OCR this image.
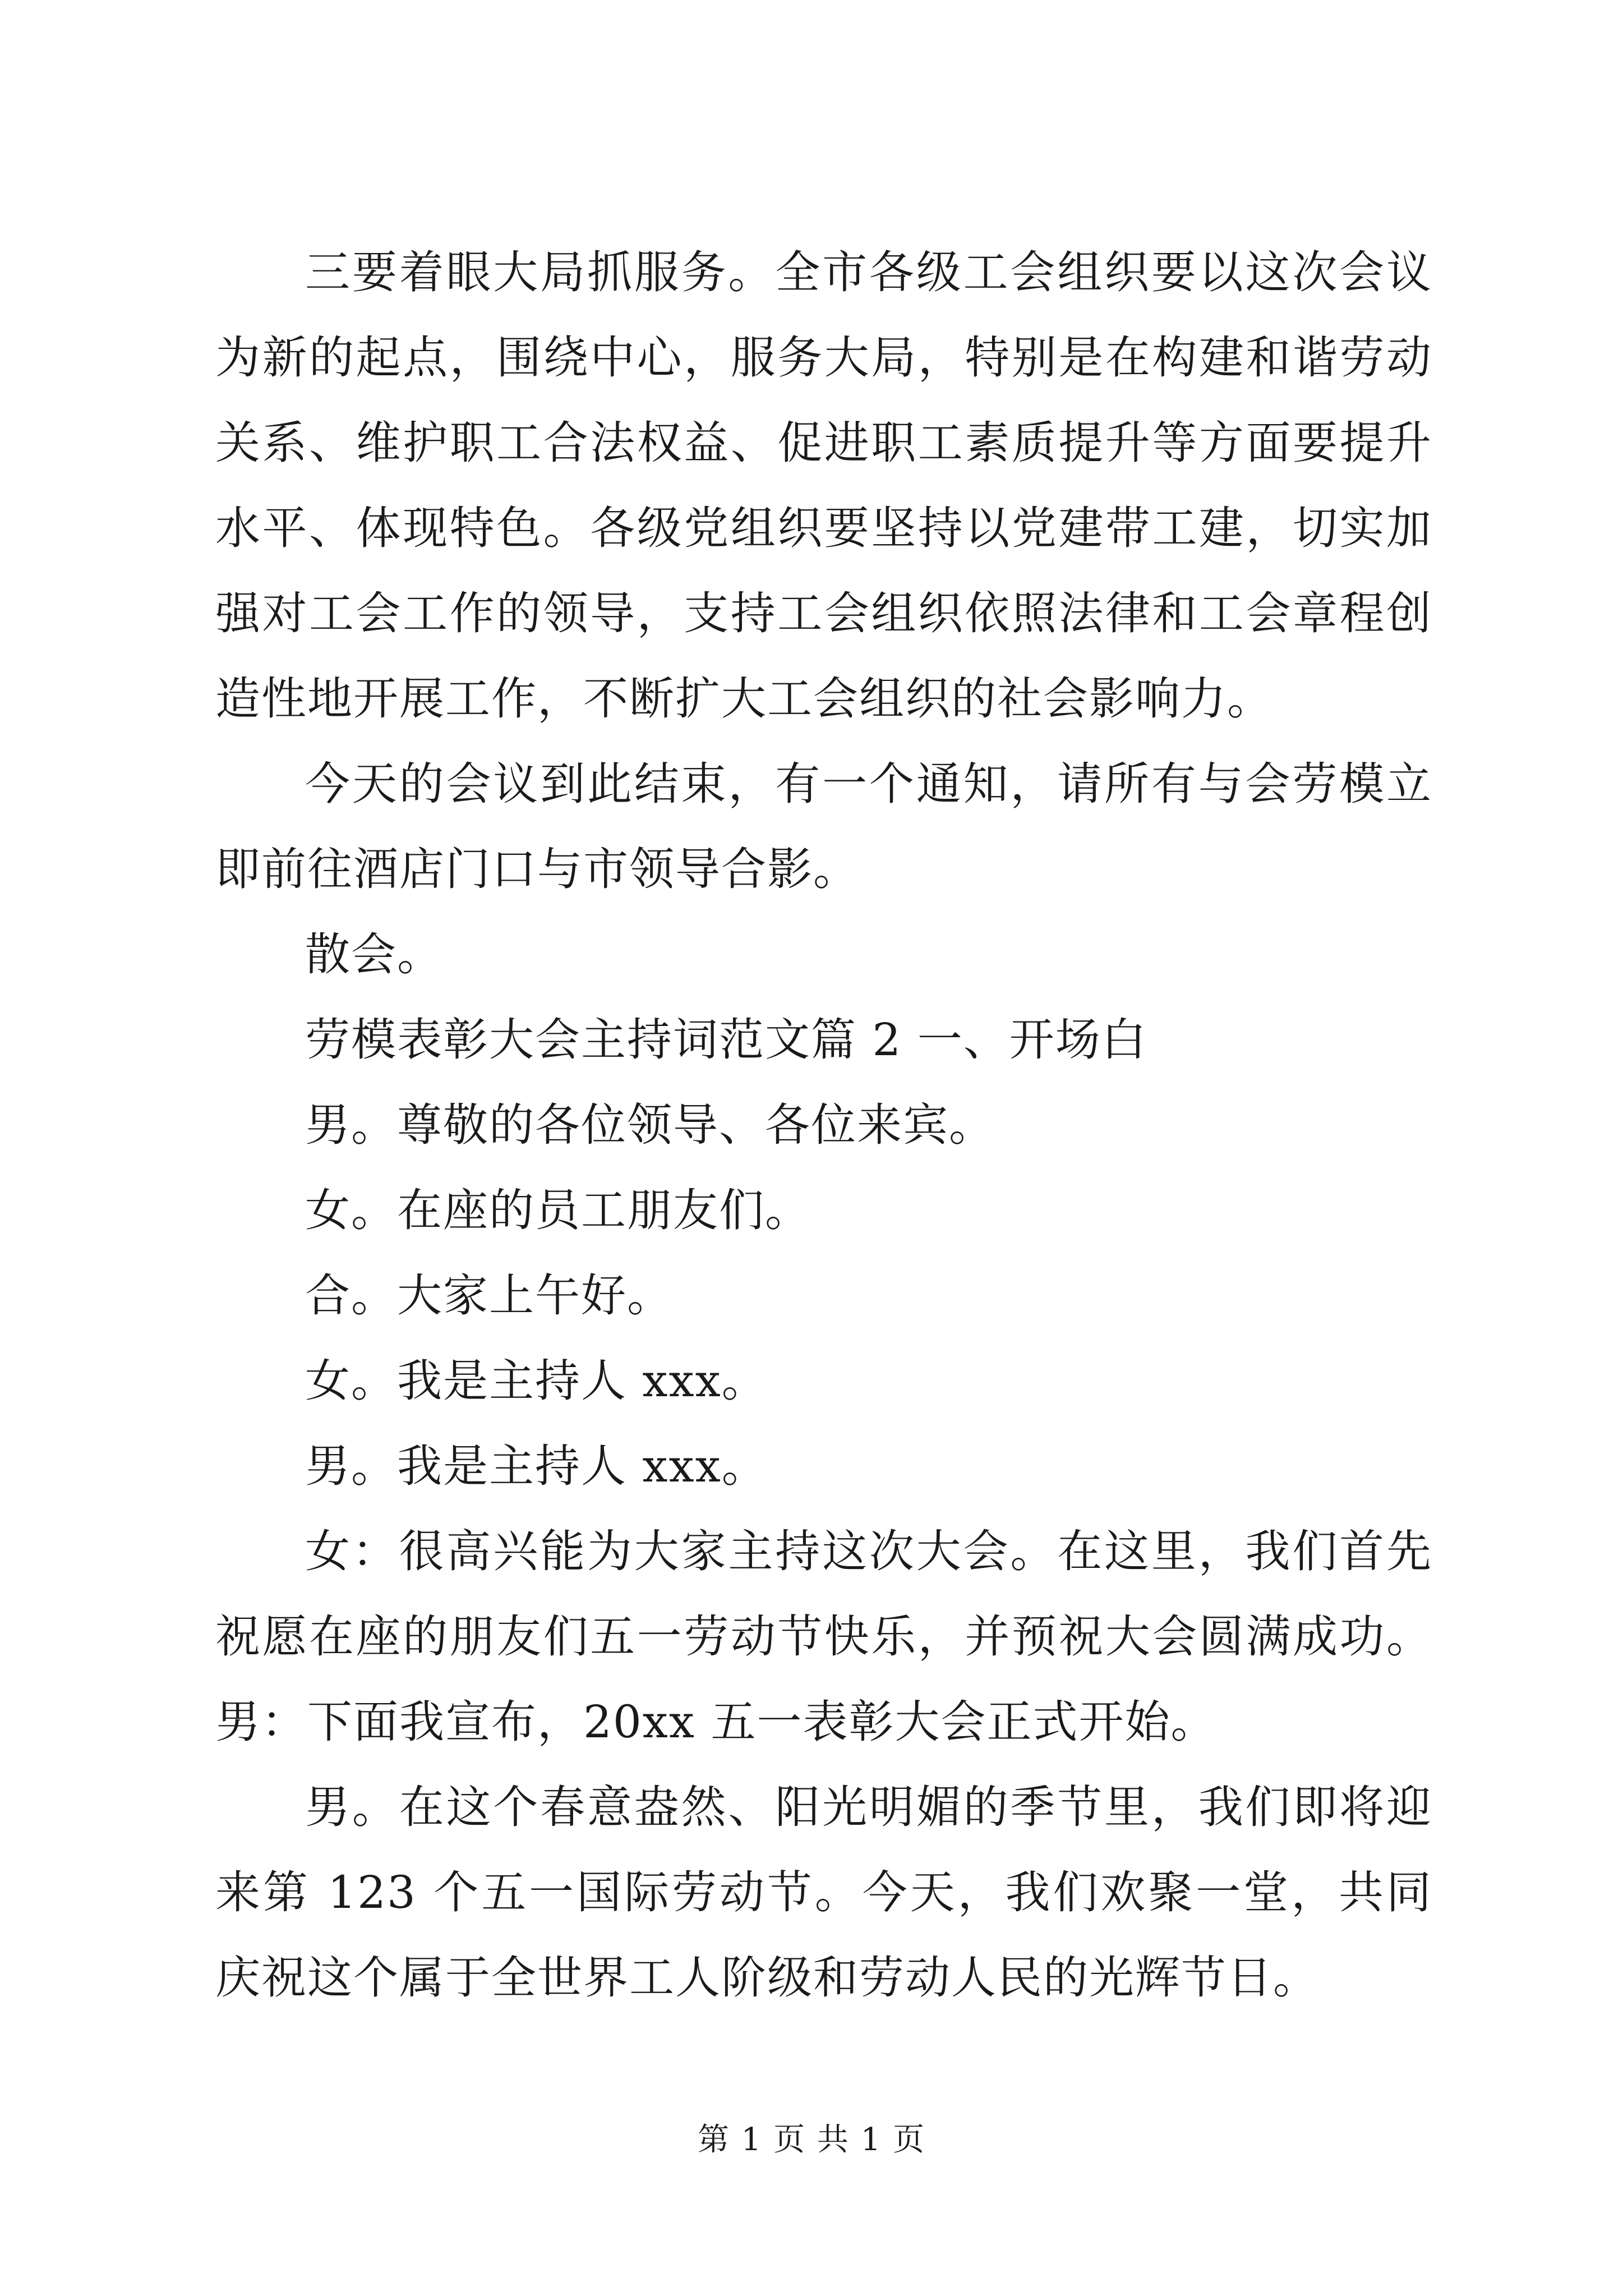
三要着眼大局抓服务。全市各级工会组织要以这次会议为新的起点，围绕中心，服务大局，特别是在构建和谐劳动关系、维护职工合法权益、促进职工素质提升等方面要提升水平、体现特色。各级党组织要坚持以党建带工建，切实加强对工会工作的领导，支持工会组织依照法律和工会章程创造性地开展工作，不断扩大工会组织的社会影响力。

今天的会议到此结束，有一个通知，请所有与会劳模立即前往酒店门口与市领导合影。

散会。

劳模表彰大会主持词范文篇 2 一、开场白

男。尊敬的各位领导、各位来宾。

女。在座的员工朋友们。

合。大家上午好。

女。我是主持人 xxx。

男。我是主持人 xxx。

女：很高兴能为大家主持这次大会。在这里，我们首先祝愿在座的朋友们五一劳动节快乐，并预祝大会圆满成功。男：下面我宣布，20xx 五一表彰大会正式开始。

男。在这个春意盎然、阳光明媚的季节里，我们即将迎来第 123 个五一国际劳动节。今天，我们欢聚一堂，共同庆祝这个属于全世界工人阶级和劳动人民的光辉节日。

第 1 页 共 1 页
